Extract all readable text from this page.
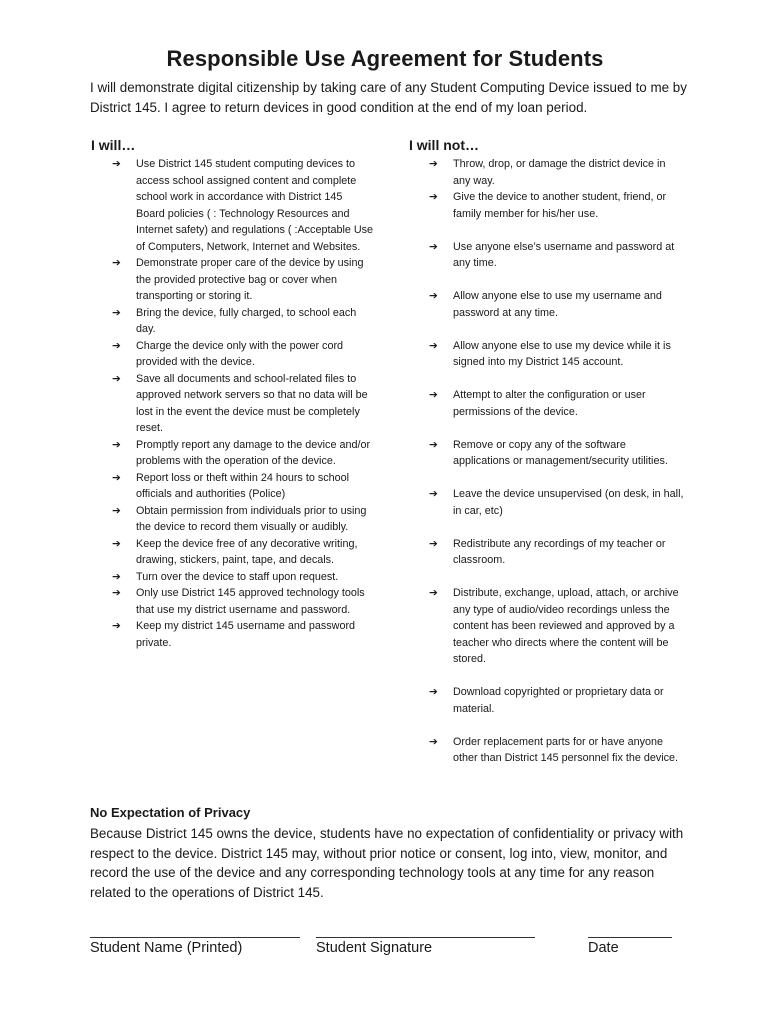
Responsible Use Agreement for Students
I will demonstrate digital citizenship by taking care of any Student Computing Device issued to me by District 145. I agree to return devices in good condition at the end of my loan period.
I will…	I will not…
➔ Use District 145 student computing devices to access school assigned content and complete school work in accordance with District 145 Board policies ( : Technology Resources and Internet safety) and regulations ( :Acceptable Use of Computers, Network, Internet and Websites.
➔ Demonstrate proper care of the device by using the provided protective bag or cover when transporting or storing it.
➔ Bring the device, fully charged, to school each day.
➔ Charge the device only with the power cord provided with the device.
➔ Save all documents and school-related files to approved network servers so that no data will be lost in the event the device must be completely reset.
➔ Promptly report any damage to the device and/or problems with the operation of the device.
➔ Report loss or theft within 24 hours to school officials and authorities (Police)
➔ Obtain permission from individuals prior to using the device to record them visually or audibly.
➔ Keep the device free of any decorative writing, drawing, stickers, paint, tape, and decals.
➔ Turn over the device to staff upon request.
➔ Only use District 145 approved technology tools that use my district username and password.
➔ Keep my district 145 username and password private.
➔ Throw, drop, or damage the district device in any way.
➔ Give the device to another student, friend, or family member for his/her use.
➔ Use anyone else’s username and password at any time.
➔ Allow anyone else to use my username and password at any time.
➔ Allow anyone else to use my device while it is signed into my District 145 account.
➔ Attempt to alter the configuration or user permissions of the device.
➔ Remove or copy any of the software applications or management/security utilities.
➔ Leave the device unsupervised (on desk, in hall, in car, etc)
➔ Redistribute any recordings of my teacher or classroom.
➔ Distribute, exchange, upload, attach, or archive any type of audio/video recordings unless the content has been reviewed and approved by a teacher who directs where the content will be stored.
➔ Download copyrighted or proprietary data or material.
➔ Order replacement parts for or have anyone other than District 145 personnel fix the device.
No Expectation of Privacy
Because District 145 owns the device, students have no expectation of confidentiality or privacy with respect to the device. District 145 may, without prior notice or consent, log into, view, monitor, and record the use of the device and any corresponding technology tools at any time for any reason related to the operations of District 145.
Student Name (Printed)	Student Signature	Date
